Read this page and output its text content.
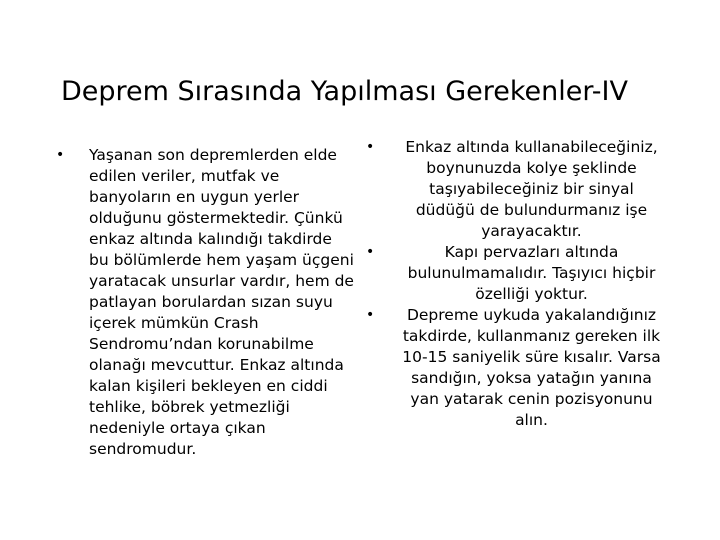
Deprem Sırasında Yapılması Gerekenler-IV
• Yaşanan son depremlerden elde edilen veriler, mutfak ve banyoların en uygun yerler olduğunu göstermektedir. Çünkü enkaz altında kalındığı takdirde bu bölümlerde hem yaşam üçgeni yaratacak unsurlar vardır, hem de patlayan borulardan sızan suyu içerek mümkün Crash Sendromu’ndan korunabilme olanağı mevcuttur. Enkaz altında kalan kişileri bekleyen en ciddi tehlike, böbrek yetmezliği nedeniyle ortaya çıkan sendromudur.
•	Enkaz altında kullanabileceğiniz, boynunuzda kolye şeklinde taşıyabileceğiniz bir sinyal düdüğü de bulundurmanız işe yarayacaktır.
•	Kapı pervazları altında bulunulmamalıdır. Taşıyıcı hiçbir özelliği yoktur.
•	Depreme uykuda yakalandığınız takdirde, kullanmanız gereken ilk 10-15 saniyelik süre kısalır. Varsa sandığın, yoksa yatağın yanına yan yatarak cenin pozisyonunu alın.
